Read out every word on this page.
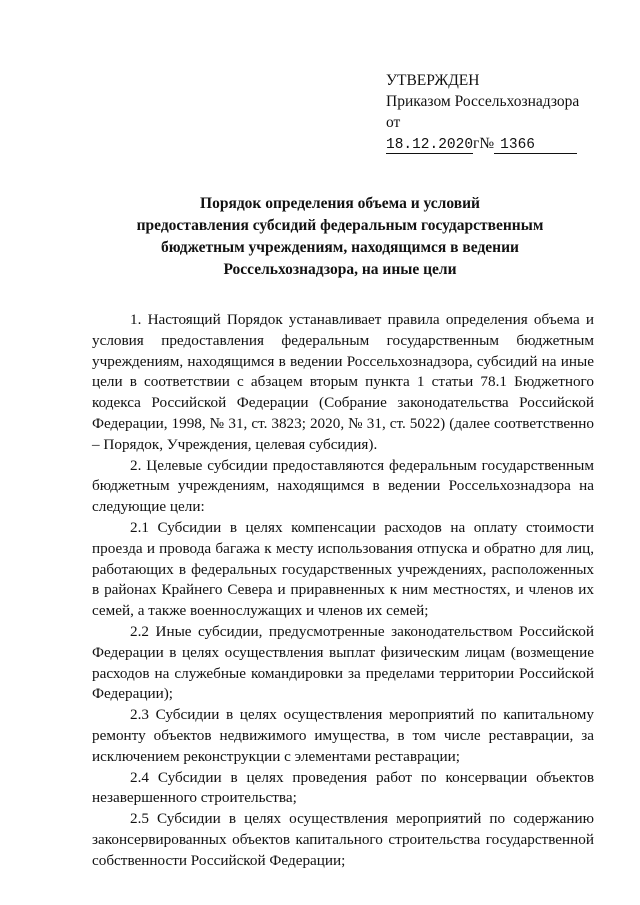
УТВЕРЖДЕН
Приказом Россельхознадзора
от
18.12.2020г№ 1366
Порядок определения объема и условий
предоставления субсидий федеральным государственным
бюджетным учреждениям, находящимся в ведении
Россельхознадзора, на иные цели

1. Настоящий Порядок устанавливает правила определения объема и условия предоставления федеральным государственным бюджетным учреждениям, находящимся в ведении Россельхознадзора, субсидий на иные цели в соответствии с абзацем вторым пункта 1 статьи 78.1 Бюджетного кодекса Российской Федерации (Собрание законодательства Российской Федерации, 1998, № 31, ст. 3823; 2020, № 31, ст. 5022) (далее соответственно – Порядок, Учреждения, целевая субсидия).

2. Целевые субсидии предоставляются федеральным государственным бюджетным учреждениям, находящимся в ведении Россельхознадзора на следующие цели:

2.1 Субсидии в целях компенсации расходов на оплату стоимости проезда и провода багажа к месту использования отпуска и обратно для лиц, работающих в федеральных государственных учреждениях, расположенных в районах Крайнего Севера и приравненных к ним местностях, и членов их семей, а также военнослужащих и членов их семей;

2.2 Иные субсидии, предусмотренные законодательством Российской Федерации в целях осуществления выплат физическим лицам (возмещение расходов на служебные командировки за пределами территории Российской Федерации);

2.3 Субсидии в целях осуществления мероприятий по капитальному ремонту объектов недвижимого имущества, в том числе реставрации, за исключением реконструкции с элементами реставрации;

2.4 Субсидии в целях проведения работ по консервации объектов незавершенного строительства;

2.5 Субсидии в целях осуществления мероприятий по содержанию законсервированных объектов капитального строительства государственной собственности Российской Федерации;
